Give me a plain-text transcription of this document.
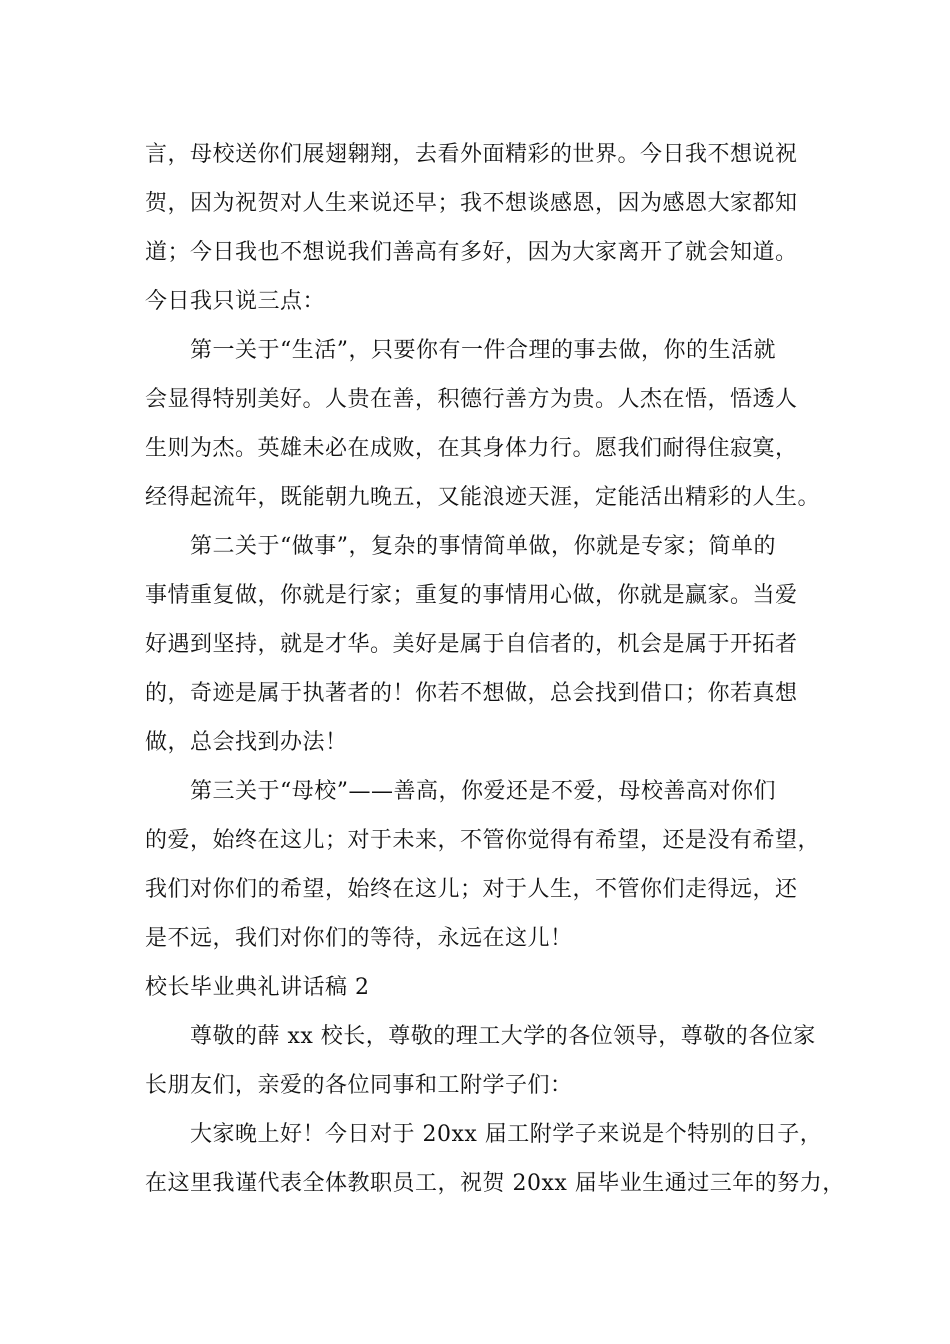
言，母校送你们展翅翱翔，去看外面精彩的世界。今日我不想说祝
贺，因为祝贺对人生来说还早；我不想谈感恩，因为感恩大家都知
道；今日我也不想说我们善高有多好，因为大家离开了就会知道。
今日我只说三点：
第一关于“生活”，只要你有一件合理的事去做，你的生活就
会显得特别美好。人贵在善，积德行善方为贵。人杰在悟，悟透人
生则为杰。英雄未必在成败，在其身体力行。愿我们耐得住寂寞，
经得起流年，既能朝九晚五，又能浪迹天涯，定能活出精彩的人生。
第二关于“做事”，复杂的事情简单做，你就是专家；简单的
事情重复做，你就是行家；重复的事情用心做，你就是赢家。当爱
好遇到坚持，就是才华。美好是属于自信者的，机会是属于开拓者
的，奇迹是属于执著者的！你若不想做，总会找到借口；你若真想
做，总会找到办法！
第三关于“母校”——善高，你爱还是不爱，母校善高对你们
的爱，始终在这儿；对于未来，不管你觉得有希望，还是没有希望，
我们对你们的希望，始终在这儿；对于人生，不管你们走得远，还
是不远，我们对你们的等待，永远在这儿！
校长毕业典礼讲话稿 2
尊敬的薛 xx 校长，尊敬的理工大学的各位领导，尊敬的各位家
长朋友们，亲爱的各位同事和工附学子们：
大家晚上好！今日对于 20xx 届工附学子来说是个特别的日子，
在这里我谨代表全体教职员工，祝贺 20xx 届毕业生通过三年的努力，
